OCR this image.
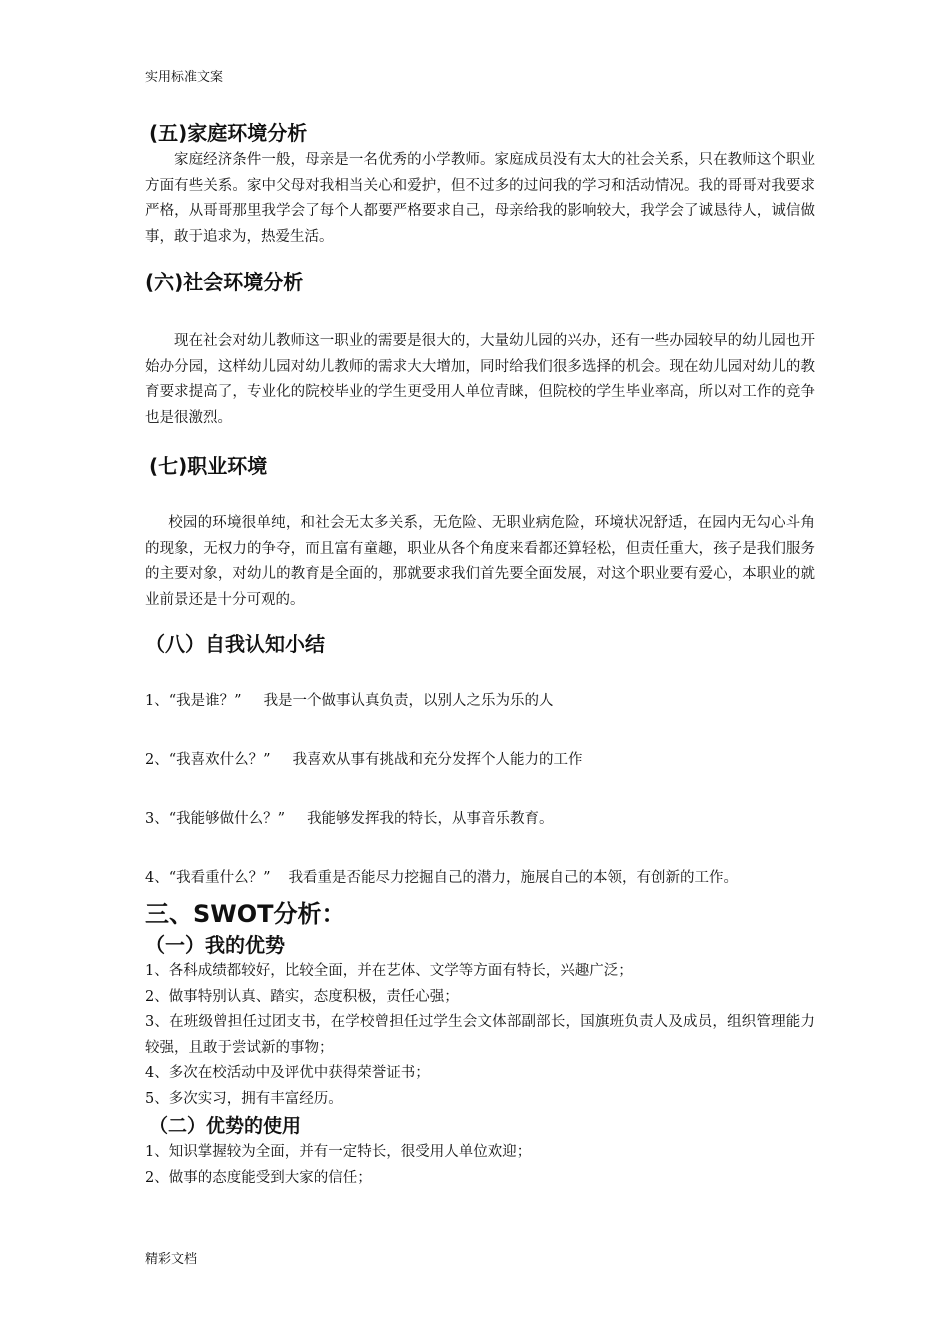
实用标准文案
(五)家庭环境分析

家庭经济条件一般，母亲是一名优秀的小学教师。家庭成员没有太大的社会关系，只在教师这个职业方面有些关系。家中父母对我相当关心和爱护，但不过多的过问我的学习和活动情况。我的哥哥对我要求严格，从哥哥那里我学会了每个人都要严格要求自己，母亲给我的影响较大，我学会了诚恳待人，诚信做事，敢于追求为，热爱生活。

(六)社会环境分析

现在社会对幼儿教师这一职业的需要是很大的，大量幼儿园的兴办，还有一些办园较早的幼儿园也开始办分园，这样幼儿园对幼儿教师的需求大大增加，同时给我们很多选择的机会。现在幼儿园对幼儿的教育要求提高了，专业化的院校毕业的学生更受用人单位青睐，但院校的学生毕业率高，所以对工作的竞争也是很激烈。

(七)职业环境

校园的环境很单纯，和社会无太多关系，无危险、无职业病危险，环境状况舒适，在园内无勾心斗角的现象，无权力的争夺，而且富有童趣，职业从各个角度来看都还算轻松，但责任重大，孩子是我们服务的主要对象，对幼儿的教育是全面的，那就要求我们首先要全面发展，对这个职业要有爱心，本职业的就业前景还是十分可观的。

（八）自我认知小结
1、“我是谁？” 我是一个做事认真负责，以别人之乐为乐的人
2、“我喜欢什么？” 我喜欢从事有挑战和充分发挥个人能力的工作
3、“我能够做什么？” 我能够发挥我的特长，从事音乐教育。
4、“我看重什么？” 我看重是否能尽力挖掘自己的潜力，施展自己的本领，有创新的工作。
三、SWOT分析：
（一）我的优势

1、各科成绩都较好，比较全面，并在艺体、文学等方面有特长，兴趣广泛；

2、做事特别认真、踏实，态度积极，责任心强；

3、在班级曾担任过团支书，在学校曾担任过学生会文体部副部长，国旗班负责人及成员，组织管理能力较强，且敢于尝试新的事物；

4、多次在校活动中及评优中获得荣誉证书；

5、多次实习，拥有丰富经历。

（二）优势的使用

1、知识掌握较为全面，并有一定特长，很受用人单位欢迎；

2、做事的态度能受到大家的信任；

精彩文档
